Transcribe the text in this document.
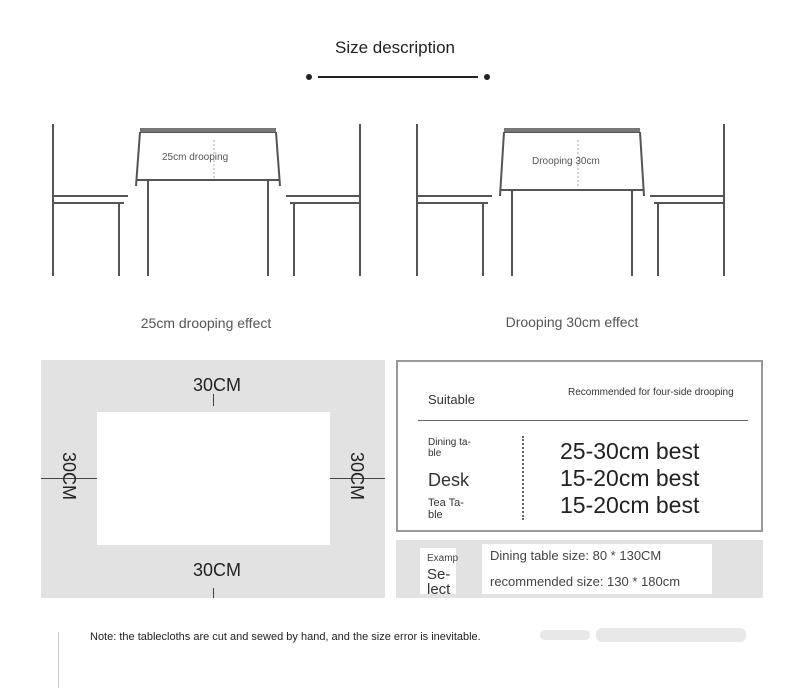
Size description
25cm drooping
25cm drooping effect
Drooping 30cm
Drooping 30cm effect
30CM
30CM
30CM	30CM
Suitable	Recommended for four-side drooping
Dining ta-ble
Desk
Tea Ta-ble
25-30cm best
15-20cm best
15-20cm best
Examp
Se-lect
Dining table size: 80 * 130CM
recommended size: 130 * 180cm
Note: the tablecloths are cut and sewed by hand, and the size error is inevitable.
